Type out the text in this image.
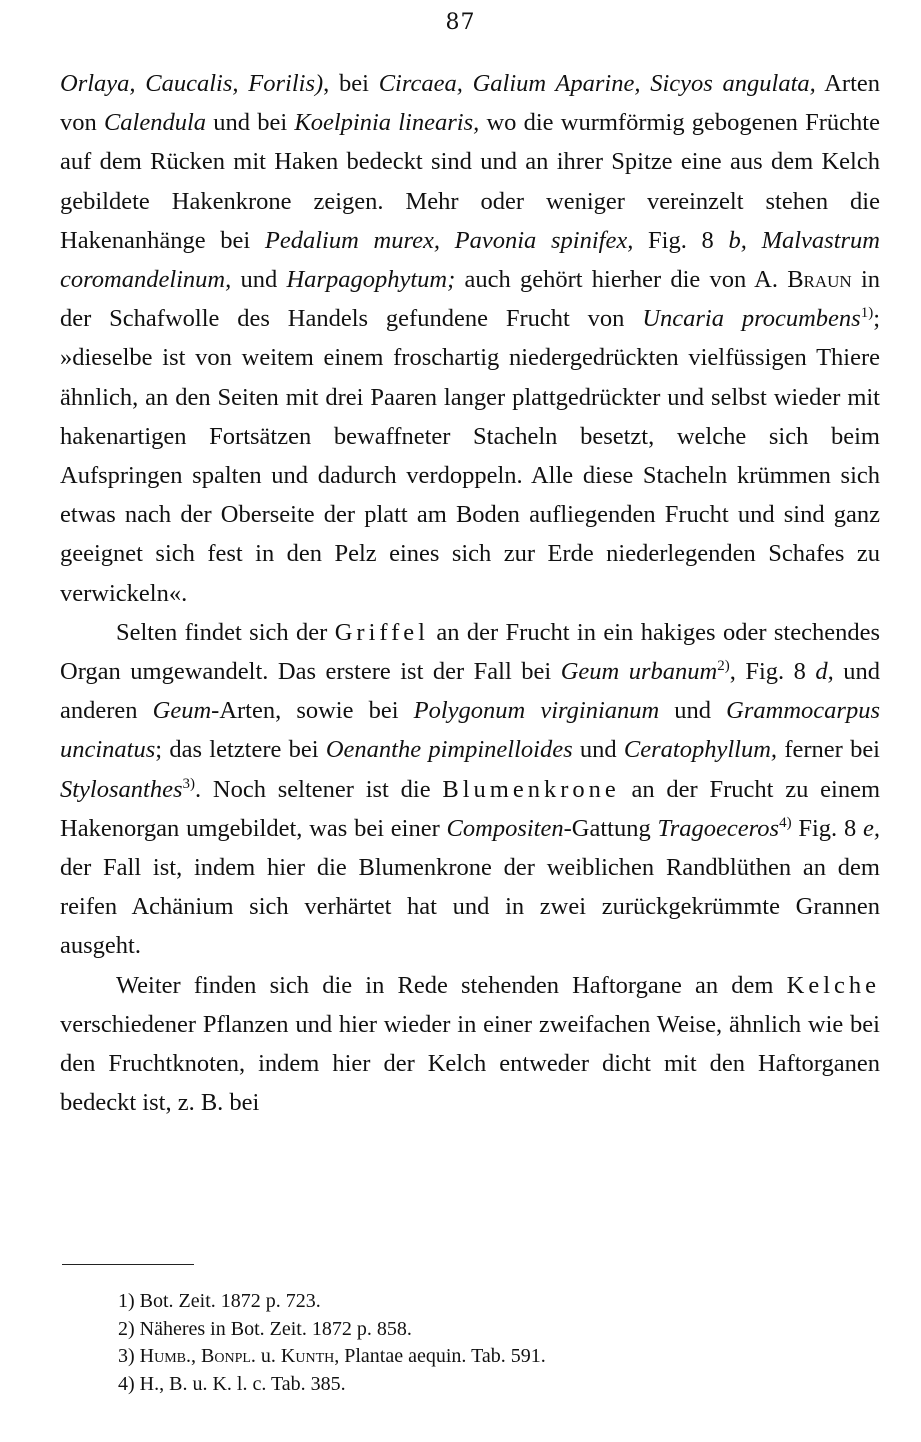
87

Orlaya, Caucalis, Forilis), bei Circaea, Galium Aparine, Sicyos angulata, Arten von Calendula und bei Koelpinia linearis, wo die wurmförmig gebogenen Früchte auf dem Rücken mit Haken bedeckt sind und an ihrer Spitze eine aus dem Kelch gebildete Hakenkrone zeigen. Mehr oder weniger vereinzelt stehen die Hakenanhänge bei Pedalium murex, Pavonia spinifex, Fig. 8 b, Malvastrum coromandelinum, und Harpagophytum; auch gehört hierher die von A. Braun in der Schafwolle des Handels gefundene Frucht von Uncaria procumbens$^{1)}$; »dieselbe ist von weitem einem froschartig niedergedrückten vielfüssigen Thiere ähnlich, an den Seiten mit drei Paaren langer plattgedrückter und selbst wieder mit hakenartigen Fortsätzen bewaffneter Stacheln besetzt, welche sich beim Aufspringen spalten und dadurch verdoppeln. Alle diese Stacheln krümmen sich etwas nach der Oberseite der platt am Boden aufliegenden Frucht und sind ganz geeignet sich fest in den Pelz eines sich zur Erde niederlegenden Schafes zu verwickeln«.

Selten findet sich der Griffel an der Frucht in ein hakiges oder stechendes Organ umgewandelt. Das erstere ist der Fall bei Geum urbanum$^{2)}$, Fig. 8 d, und anderen Geum-Arten, sowie bei Polygonum virginianum und Grammocarpus uncinatus; das letztere bei Oenanthe pimpinelloides und Ceratophyllum, ferner bei Stylosanthes$^{3)}$. Noch seltener ist die Blumenkrone an der Frucht zu einem Hakenorgan umgebildet, was bei einer Compositen-Gattung Tragoeceros$^{4)}$ Fig. 8 e, der Fall ist, indem hier die Blumenkrone der weiblichen Randblüthen an dem reifen Achänium sich verhärtet hat und in zwei zurückgekrümmte Grannen ausgeht.

Weiter finden sich die in Rede stehenden Haftorgane an dem Kelche verschiedener Pflanzen und hier wieder in einer zweifachen Weise, ähnlich wie bei den Fruchtknoten, indem hier der Kelch entweder dicht mit den Haftorganen bedeckt ist, z. B. bei

1) Bot. Zeit. 1872 p. 723.
2) Näheres in Bot. Zeit. 1872 p. 858.
3) Humb., Bonpl. u. Kunth, Plantae aequin. Tab. 591.
4) H., B. u. K. l. c. Tab. 385.
